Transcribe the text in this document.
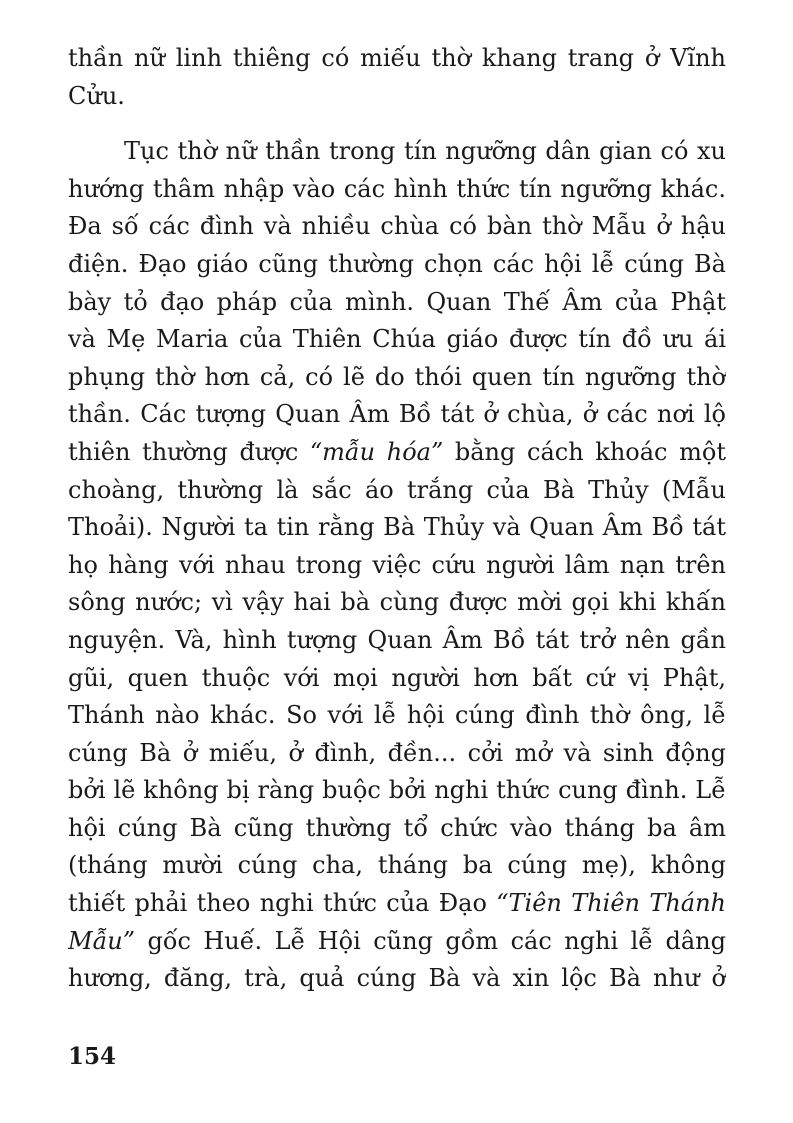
thần nữ linh thiêng có miếu thờ khang trang ở Vĩnh
Cửu.
Tục thờ nữ thần trong tín ngưỡng dân gian có xu
hướng thâm nhập vào các hình thức tín ngưỡng khác.
Đa số các đình và nhiều chùa có bàn thờ Mẫu ở hậu
điện. Đạo giáo cũng thường chọn các hội lễ cúng Bà
bày tỏ đạo pháp của mình. Quan Thế Âm của Phật
và Mẹ Maria của Thiên Chúa giáo được tín đồ ưu ái
phụng thờ hơn cả, có lẽ do thói quen tín ngưỡng thờ
thần. Các tượng Quan Âm Bồ tát ở chùa, ở các nơi lộ
thiên thường được “mẫu hóa” bằng cách khoác một
choàng, thường là sắc áo trắng của Bà Thủy (Mẫu
Thoải). Người ta tin rằng Bà Thủy và Quan Âm Bồ tát
họ hàng với nhau trong việc cứu người lâm nạn trên
sông nước; vì vậy hai bà cùng được mời gọi khi khấn
nguyện. Và, hình tượng Quan Âm Bồ tát trở nên gần
gũi, quen thuộc với mọi người hơn bất cứ vị Phật,
Thánh nào khác. So với lễ hội cúng đình thờ ông, lễ
cúng Bà ở miếu, ở đình, đền... cởi mở và sinh động
bởi lẽ không bị ràng buộc bởi nghi thức cung đình. Lễ
hội cúng Bà cũng thường tổ chức vào tháng ba âm
(tháng mười cúng cha, tháng ba cúng mẹ), không
thiết phải theo nghi thức của Đạo “Tiên Thiên Thánh
Mẫu” gốc Huế. Lễ Hội cũng gồm các nghi lễ dâng
hương, đăng, trà, quả cúng Bà và xin lộc Bà như ở
154
